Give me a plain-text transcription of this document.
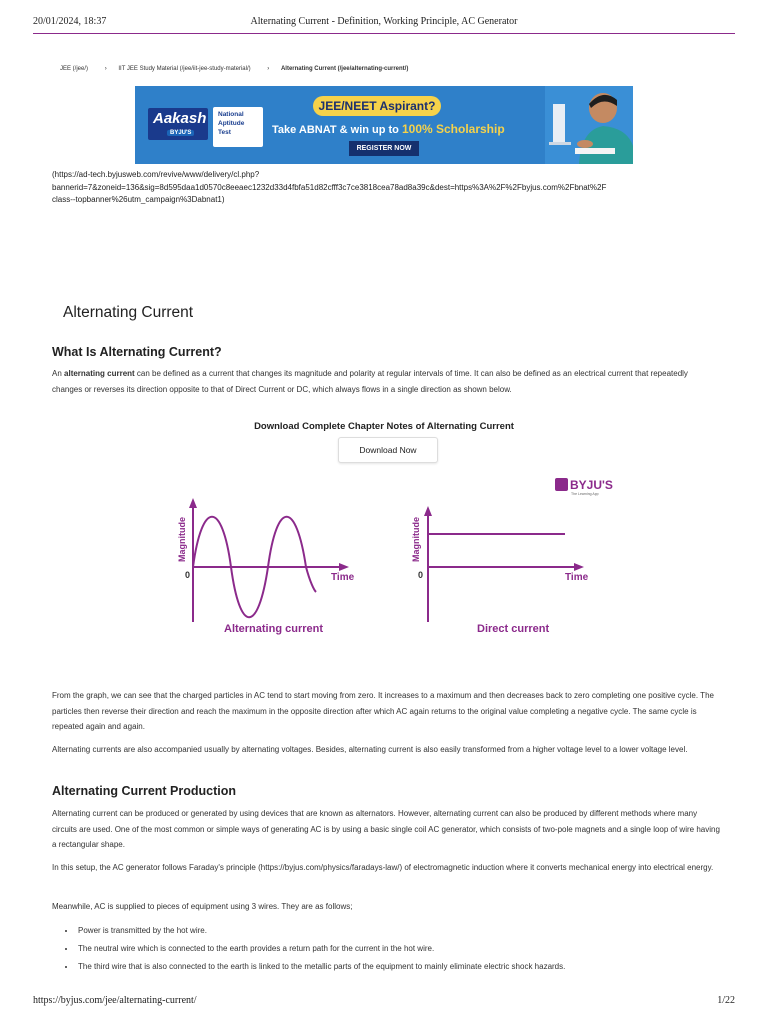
20/01/2024, 18:37	Alternating Current - Definition, Working Principle, AC Generator
JEE (/jee/)	› IIT JEE Study Material (/jee/iit-jee-study-material/)	› Alternating Current (/jee/alternating-current/)
Aakash
BYJU'S
National Aptitude Test
JEE/NEET Aspirant?
Take ABNAT & win up to 100% Scholarship
REGISTER NOW
(https://ad-tech.byjusweb.com/revive/www/delivery/cl.php?
bannerid=7&zoneid=136&sig=8d595daa1d0570c8eeaec1232d33d4fbfa51d82cfff3c7ce3818cea78ad8a39c&dest=https%3A%2F%2Fbyjus.com%2Fbnat%2F
class--topbanner%26utm_campaign%3Dabnat1)
Alternating Current
What Is Alternating Current?
An alternating current can be defined as a current that changes its magnitude and polarity at regular intervals of time. It can also be defined as an electrical current that repeatedly changes or reverses its direction opposite to that of Direct Current or DC, which always flows in a single direction as shown below.
Download Complete Chapter Notes of Alternating Current
Download Now
BYJU'S
The Learning App
0	Time
Magnitude
Alternating current
0	Time
Magnitude
Direct current
From the graph, we can see that the charged particles in AC tend to start moving from zero. It increases to a maximum and then decreases back to zero completing one positive cycle. The particles then reverse their direction and reach the maximum in the opposite direction after which AC again returns to the original value completing a negative cycle. The same cycle is repeated again and again.
Alternating currents are also accompanied usually by alternating voltages. Besides, alternating current is also easily transformed from a higher voltage level to a lower voltage level.
Alternating Current Production
Alternating current can be produced or generated by using devices that are known as alternators. However, alternating current can also be produced by different methods where many circuits are used. One of the most common or simple ways of generating AC is by using a basic single coil AC generator, which consists of two-pole magnets and a single loop of wire having a rectangular shape.
In this setup, the AC generator follows Faraday's principle (https://byjus.com/physics/faradays-law/) of electromagnetic induction where it converts mechanical energy into electrical energy.
Meanwhile, AC is supplied to pieces of equipment using 3 wires. They are as follows;
• Power is transmitted by the hot wire.
• The neutral wire which is connected to the earth provides a return path for the current in the hot wire.
• The third wire that is also connected to the earth is linked to the metallic parts of the equipment to mainly eliminate electric shock hazards.
https://byjus.com/jee/alternating-current/	1/22
